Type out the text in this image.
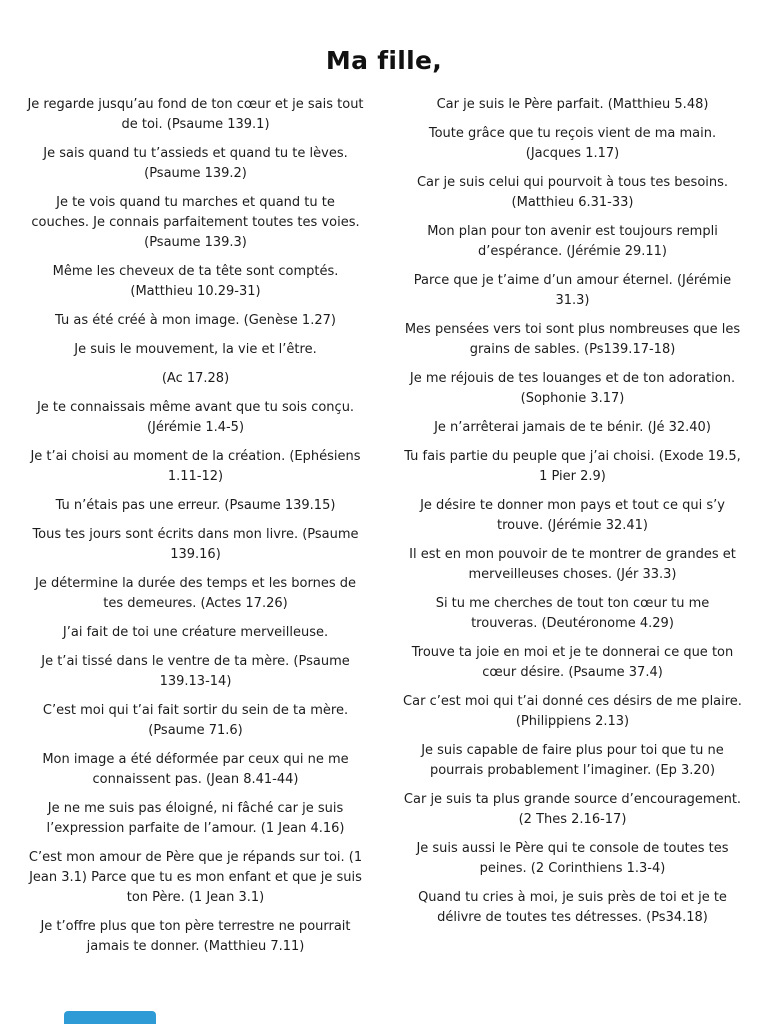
Ma fille,

Je regarde jusqu’au fond de ton cœur et je sais tout de toi. (Psaume 139.1)

Je sais quand tu t’assieds et quand tu te lèves. (Psaume 139.2)

Je te vois quand tu marches et quand tu te couches. Je connais parfaitement toutes tes voies. (Psaume 139.3)

Même les cheveux de ta tête sont comptés. (Matthieu 10.29-31)

Tu as été créé à mon image. (Genèse 1.27)

Je suis le mouvement, la vie et l’être.

(Ac 17.28)

Je te connaissais même avant que tu sois conçu. (Jérémie 1.4-5)

Je t’ai choisi au moment de la création. (Ephésiens 1.11-12)

Tu n’étais pas une erreur. (Psaume 139.15)

Tous tes jours sont écrits dans mon livre. (Psaume 139.16)

Je détermine la durée des temps et les bornes de tes demeures. (Actes 17.26)

J’ai fait de toi une créature merveilleuse.

Je t’ai tissé dans le ventre de ta mère. (Psaume 139.13-14)

C’est moi qui t’ai fait sortir du sein de ta mère. (Psaume 71.6)

Mon image a été déformée par ceux qui ne me connaissent pas. (Jean 8.41-44)

Je ne me suis pas éloigné, ni fâché car je suis l’expression parfaite de l’amour. (1 Jean 4.16)

C’est mon amour de Père que je répands sur toi. (1 Jean 3.1) Parce que tu es mon enfant et que je suis ton Père. (1 Jean 3.1)

Je t’offre plus que ton père terrestre ne pourrait jamais te donner. (Matthieu 7.11)

Car je suis le Père parfait. (Matthieu 5.48)

Toute grâce que tu reçois vient de ma main. (Jacques 1.17)

Car je suis celui qui pourvoit à tous tes besoins. (Matthieu 6.31-33)

Mon plan pour ton avenir est toujours rempli d’espérance. (Jérémie 29.11)

Parce que je t’aime d’un amour éternel. (Jérémie 31.3)

Mes pensées vers toi sont plus nombreuses que les grains de sables. (Ps139.17-18)

Je me réjouis de tes louanges et de ton adoration. (Sophonie 3.17)

Je n’arrêterai jamais de te bénir. (Jé 32.40)

Tu fais partie du peuple que j’ai choisi. (Exode 19.5, 1 Pier 2.9)

Je désire te donner mon pays et tout ce qui s’y trouve. (Jérémie 32.41)

Il est en mon pouvoir de te montrer de grandes et merveilleuses choses. (Jér 33.3)

Si tu me cherches de tout ton cœur tu me trouveras. (Deutéronome 4.29)

Trouve ta joie en moi et je te donnerai ce que ton cœur désire. (Psaume 37.4)

Car c’est moi qui t’ai donné ces désirs de me plaire. (Philippiens 2.13)

Je suis capable de faire plus pour toi que tu ne pourrais probablement l’imaginer. (Ep 3.20)

Car je suis ta plus grande source d’encouragement. (2 Thes 2.16-17)

Je suis aussi le Père qui te console de toutes tes peines. (2 Corinthiens 1.3-4)

Quand tu cries à moi, je suis près de toi et je te délivre de toutes tes détresses. (Ps34.18)
